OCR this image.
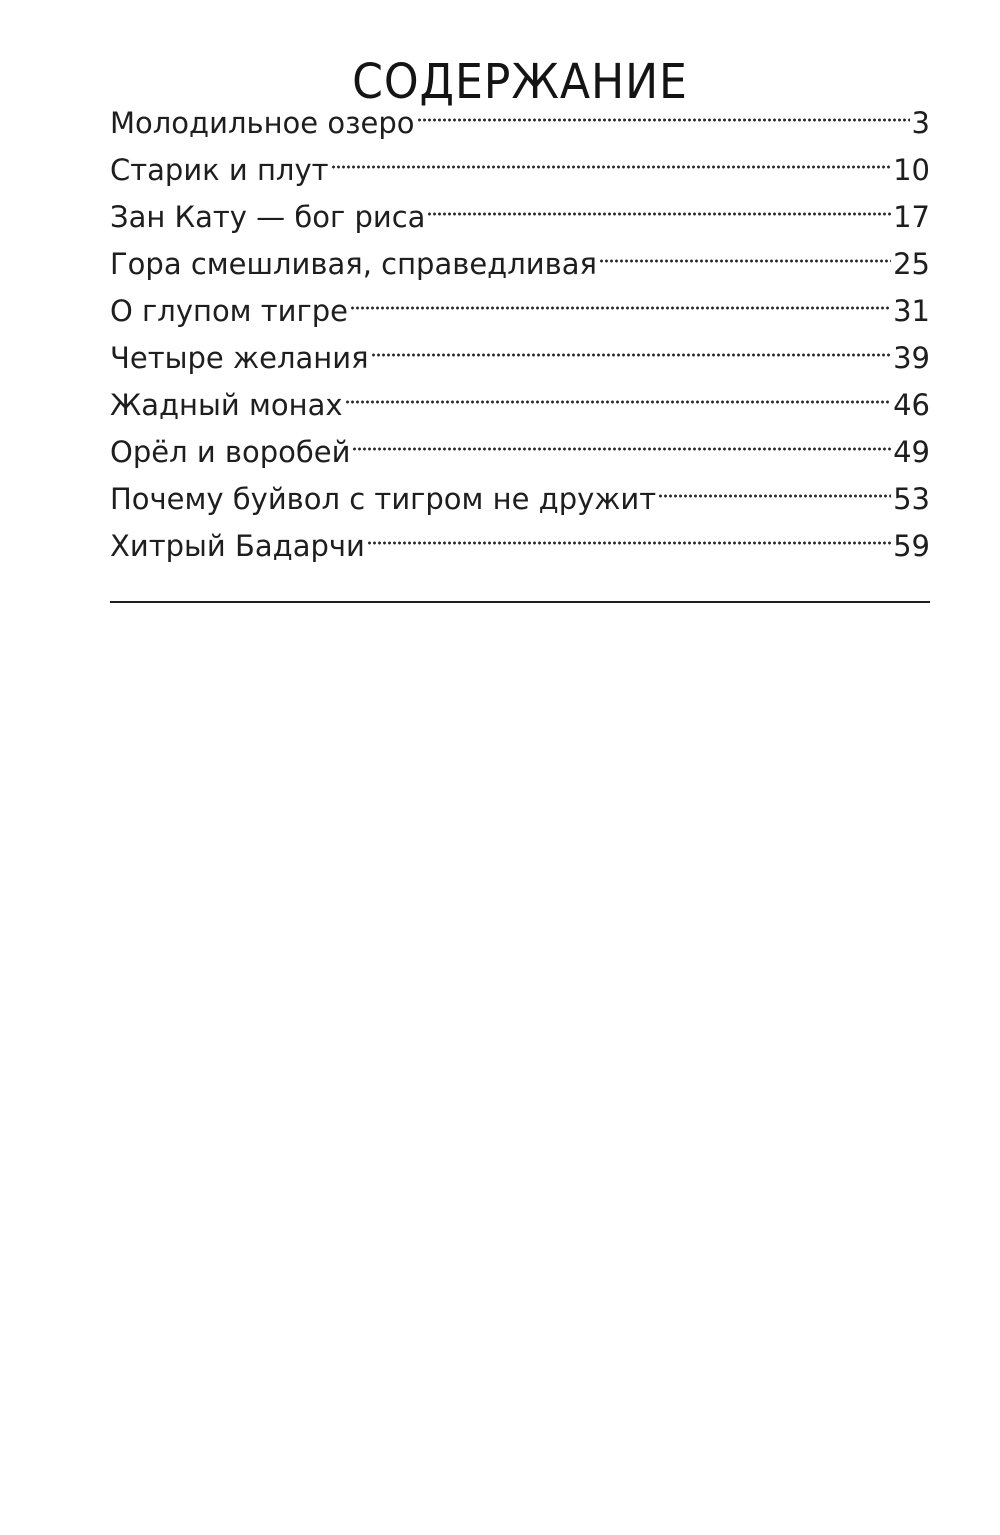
СОДЕРЖАНИЕ
Молодильное озеро	3
Старик и плут	10
Зан Кату — бог риса	17
Гора смешливая, справедливая	25
О глупом тигре	31
Четыре желания	39
Жадный монах	46
Орёл и воробей	49
Почему буйвол с тигром не дружит	53
Хитрый Бадарчи	59
